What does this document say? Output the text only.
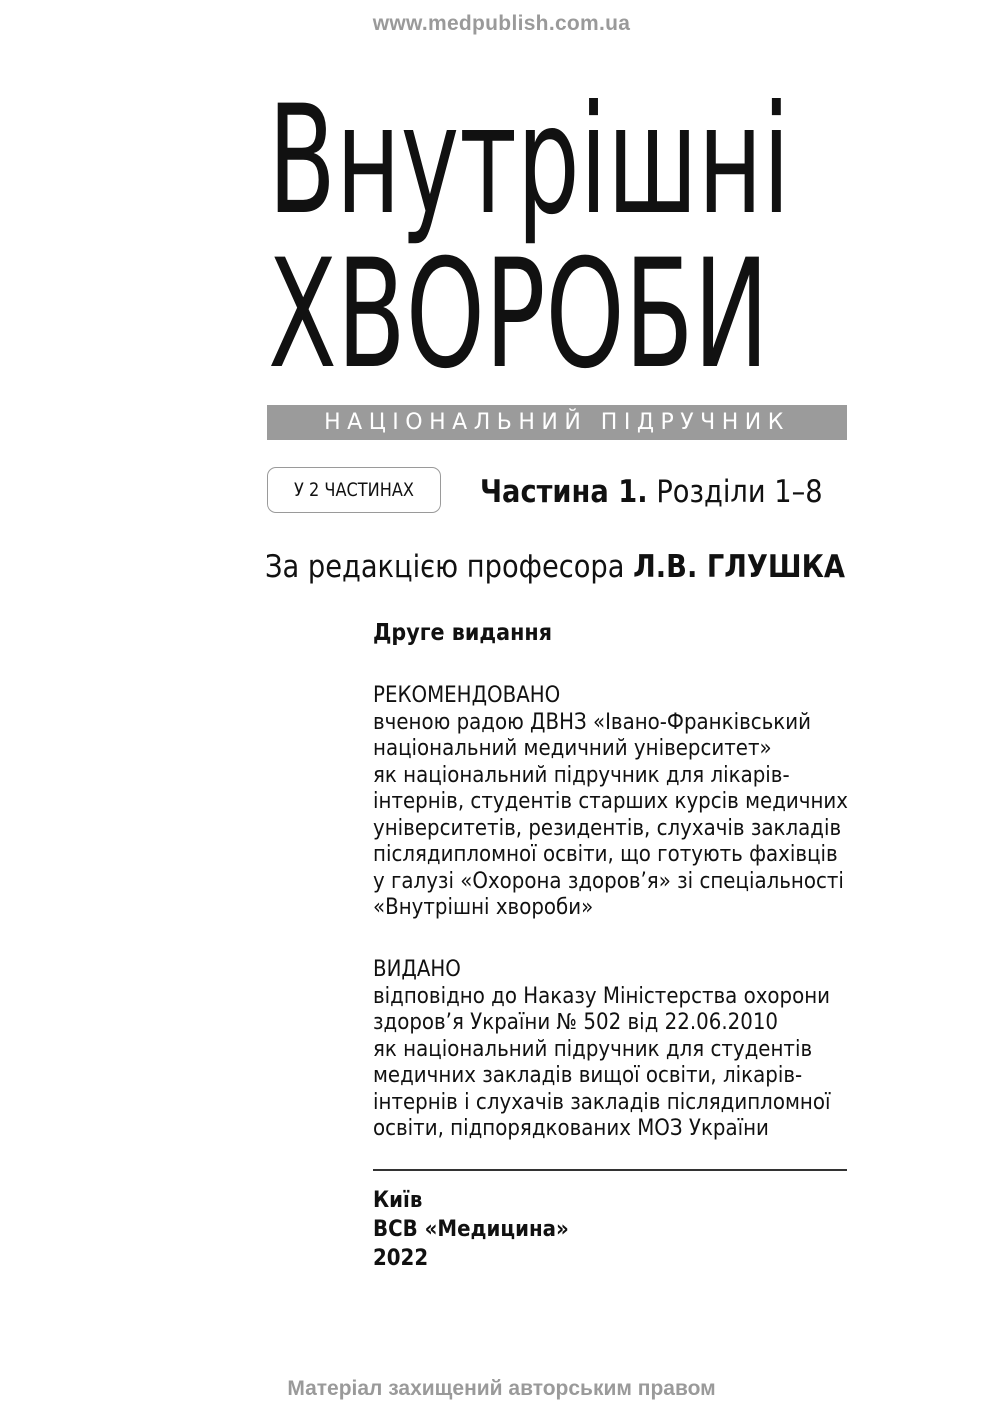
www.medpublish.com.ua
Внутрішні
ХВОРОБИ
НАЦІОНАЛЬНИЙ ПІДРУЧНИК
У 2 ЧАСТИНАХ	Частина 1. Розділи 1–8
За редакцією професора Л.В. ГЛУШКА
Друге видання
РЕКОМЕНДОВАНО
вченою радою ДВНЗ «Івано-Франківський
національний медичний університет»
як національний підручник для лікарів-
інтернів, студентів старших курсів медичних
університетів, резидентів, слухачів закладів
післядипломної освіти, що готують фахівців
у галузі «Охорона здоров’я» зі спеціальності
«Внутрішні хвороби»
ВИДАНО
відповідно до Наказу Міністерства охорони
здоров’я України № 502 від 22.06.2010
як національний підручник для студентів
медичних закладів вищої освіти, лікарів-
інтернів і слухачів закладів післядипломної
освіти, підпорядкованих МОЗ України
Київ
ВСВ «Медицина»
2022
Матеріал захищений авторським правом
